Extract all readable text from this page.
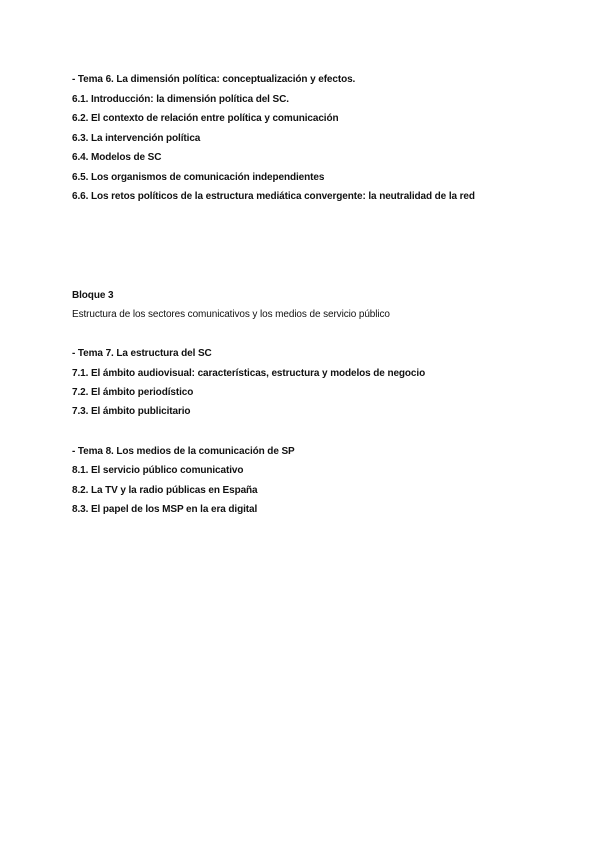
- Tema 6. La dimensión política: conceptualización y efectos.
6.1. Introducción: la dimensión política del SC.
6.2. El contexto de relación entre política y comunicación
6.3. La intervención política
6.4. Modelos de SC
6.5. Los organismos de comunicación independientes
6.6. Los retos políticos de la estructura mediática convergente: la neutralidad de la red
Bloque 3
Estructura de los sectores comunicativos y los medios de servicio público
- Tema 7. La estructura del SC
7.1. El ámbito audiovisual: características, estructura y modelos de negocio
7.2. El ámbito periodístico
7.3. El ámbito publicitario
- Tema 8. Los medios de la comunicación de SP
8.1. El servicio público comunicativo
8.2. La TV y la radio públicas en España
8.3. El papel de los MSP en la era digital
